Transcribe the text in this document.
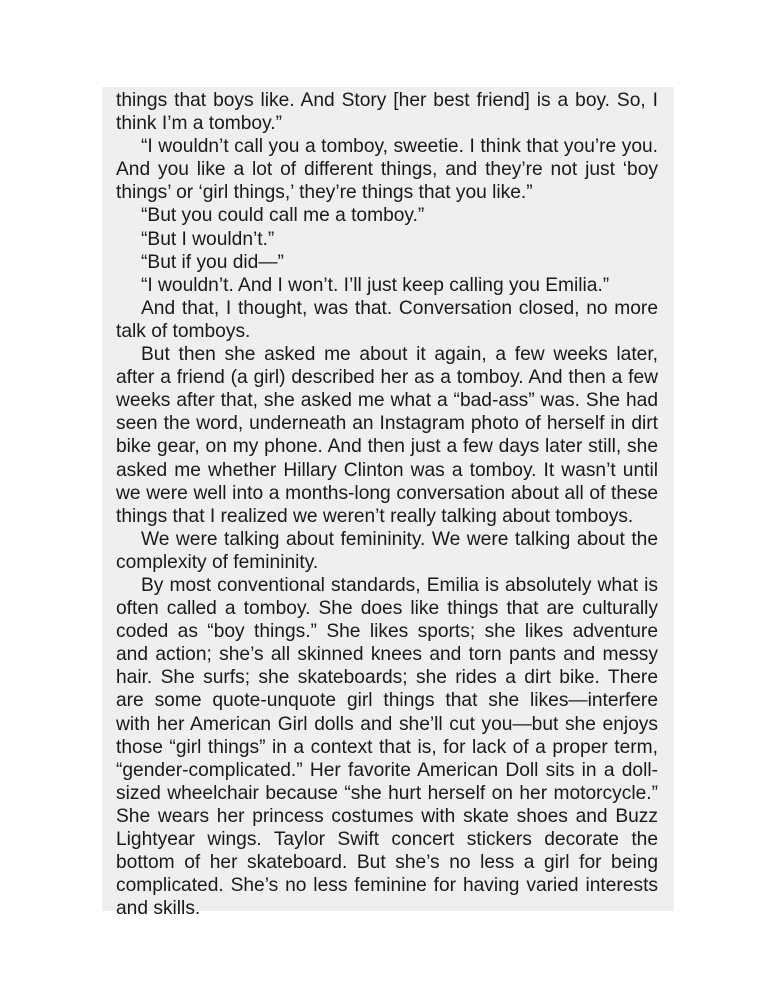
things that boys like. And Story [her best friend] is a boy. So, I think I’m a tomboy.”

“I wouldn’t call you a tomboy, sweetie. I think that you’re you. And you like a lot of different things, and they’re not just ‘boy things’ or ‘girl things,’ they’re things that you like.”

“But you could call me a tomboy.”

“But I wouldn’t.”

“But if you did—”

“I wouldn’t. And I won’t. I’ll just keep calling you Emilia.”

And that, I thought, was that. Conversation closed, no more talk of tomboys.

But then she asked me about it again, a few weeks later, after a friend (a girl) described her as a tomboy. And then a few weeks after that, she asked me what a “bad-ass” was. She had seen the word, underneath an Instagram photo of herself in dirt bike gear, on my phone. And then just a few days later still, she asked me whether Hillary Clinton was a tomboy. It wasn’t until we were well into a months-long conversation about all of these things that I realized we weren’t really talking about tomboys.

We were talking about femininity. We were talking about the complexity of femininity.

By most conventional standards, Emilia is absolutely what is often called a tomboy. She does like things that are culturally coded as “boy things.” She likes sports; she likes adventure and action; she’s all skinned knees and torn pants and messy hair. She surfs; she skateboards; she rides a dirt bike. There are some quote-unquote girl things that she likes—interfere with her American Girl dolls and she’ll cut you—but she enjoys those “girl things” in a context that is, for lack of a proper term, “gender-complicated.” Her favorite American Doll sits in a doll-sized wheelchair because “she hurt herself on her motorcycle.” She wears her princess costumes with skate shoes and Buzz Lightyear wings. Taylor Swift concert stickers decorate the bottom of her skateboard. But she’s no less a girl for being complicated. She’s no less feminine for having varied interests and skills.
